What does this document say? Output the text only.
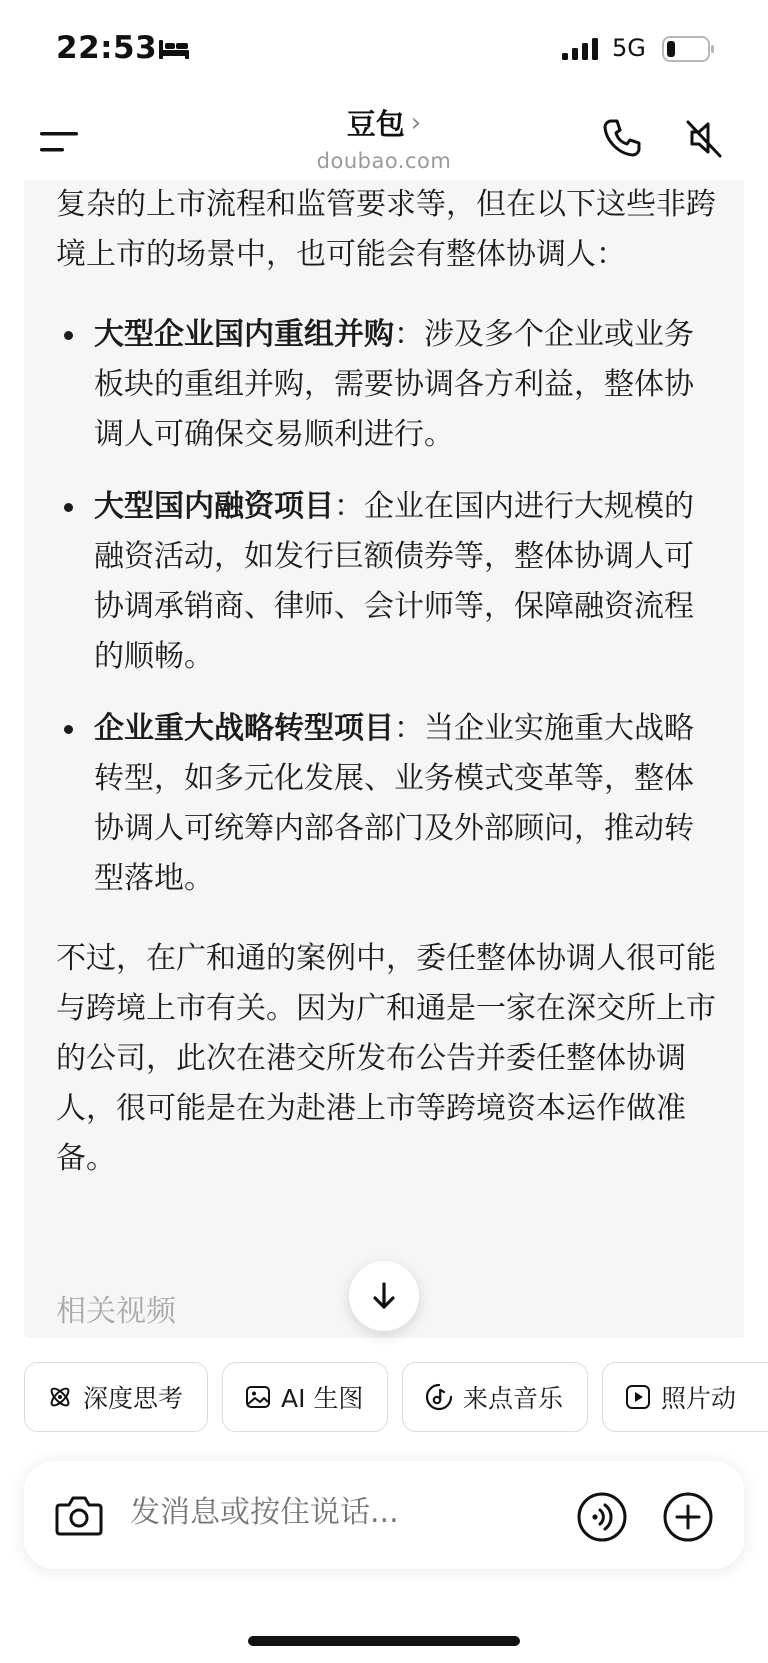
22:53	5G
豆包 ›
doubao.com

复杂的上市流程和监管要求等，但在以下这些非跨境上市的场景中，也可能会有整体协调人：

大型企业国内重组并购：涉及多个企业或业务板块的重组并购，需要协调各方利益，整体协调人可确保交易顺利进行。
大型国内融资项目：企业在国内进行大规模的融资活动，如发行巨额债券等，整体协调人可协调承销商、律师、会计师等，保障融资流程的顺畅。
企业重大战略转型项目：当企业实施重大战略转型，如多元化发展、业务模式变革等，整体协调人可统筹内部各部门及外部顾问，推动转型落地。

不过，在广和通的案例中，委任整体协调人很可能与跨境上市有关。因为广和通是一家在深交所上市的公司，此次在港交所发布公告并委任整体协调人，很可能是在为赴港上市等跨境资本运作做准备。

相关视频
深度思考	AI 生图	来点音乐	照片动
发消息或按住说话...
